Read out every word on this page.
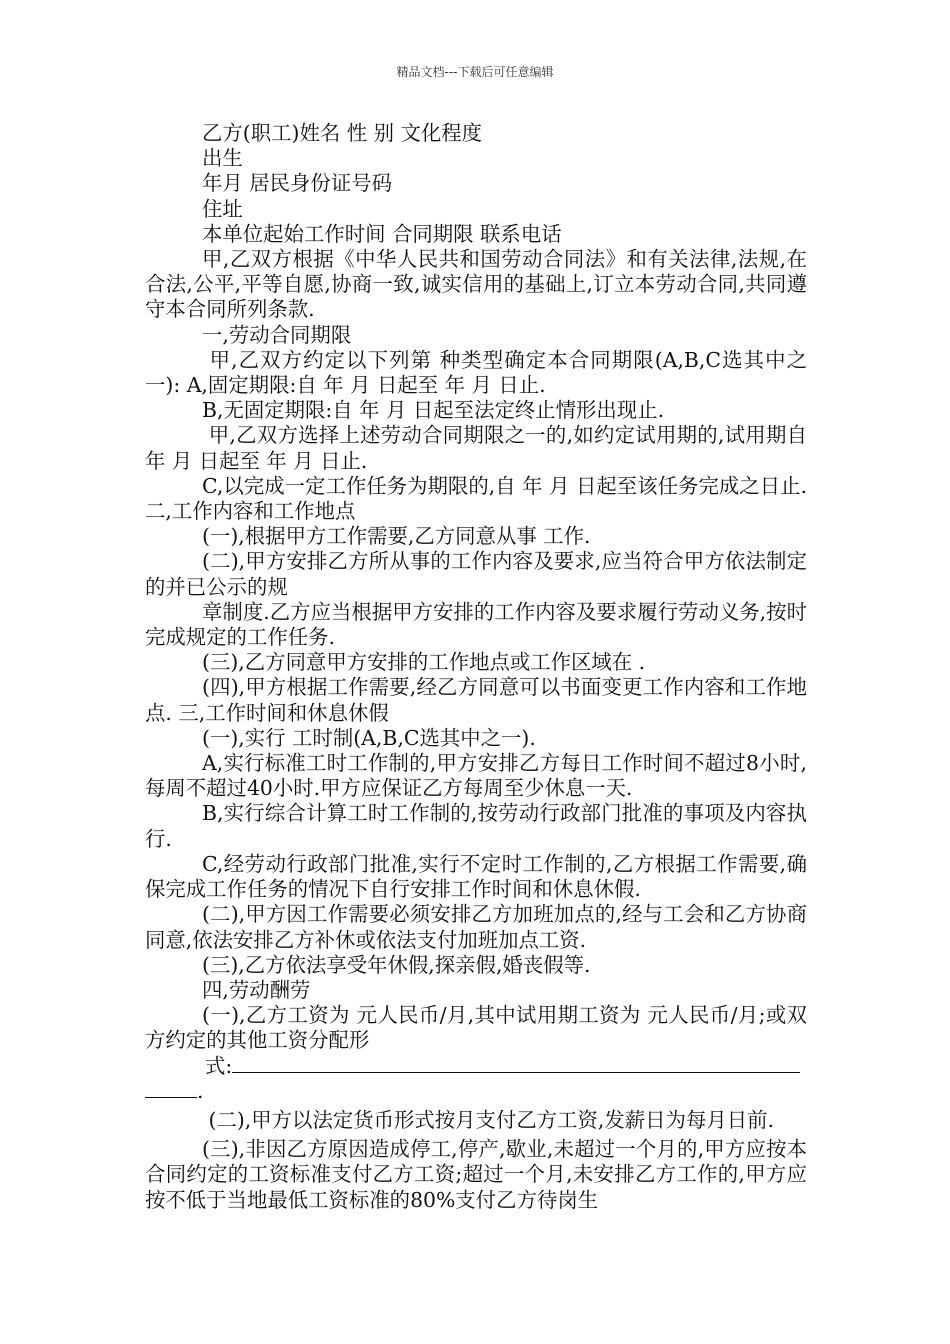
精品文档---下载后可任意编辑

乙方(职工)姓名 性 别 文化程度

出生

年月 居民身份证号码

住址

本单位起始工作时间 合同期限 联系电话

甲,乙双方根据《中华人民共和国劳动合同法》和有关法律,法规,在合法,公平,平等自愿,协商一致,诚实信用的基础上,订立本劳动合同,共同遵守本合同所列条款.

一,劳动合同期限

甲,乙双方约定以下列第 种类型确定本合同期限(A,B,C选其中之一): A,固定期限:自 年 月 日起至 年 月 日止.

B,无固定期限:自 年 月 日起至法定终止情形出现止.

甲,乙双方选择上述劳动合同期限之一的,如约定试用期的,试用期自 年 月 日起至 年 月 日止.

C,以完成一定工作任务为期限的,自 年 月 日起至该任务完成之日止. 二,工作内容和工作地点

(一),根据甲方工作需要,乙方同意从事 工作.

(二),甲方安排乙方所从事的工作内容及要求,应当符合甲方依法制定的并已公示的规

章制度.乙方应当根据甲方安排的工作内容及要求履行劳动义务,按时完成规定的工作任务.

(三),乙方同意甲方安排的工作地点或工作区域在 .

(四),甲方根据工作需要,经乙方同意可以书面变更工作内容和工作地点. 三,工作时间和休息休假

(一),实行 工时制(A,B,C选其中之一).

A,实行标准工时工作制的,甲方安排乙方每日工作时间不超过8小时,每周不超过40小时.甲方应保证乙方每周至少休息一天.

B,实行综合计算工时工作制的,按劳动行政部门批准的事项及内容执行.

C,经劳动行政部门批准,实行不定时工作制的,乙方根据工作需要,确保完成工作任务的情况下自行安排工作时间和休息休假.

(二),甲方因工作需要必须安排乙方加班加点的,经与工会和乙方协商同意,依法安排乙方补休或依法支付加班加点工资.

(三),乙方依法享受年休假,探亲假,婚丧假等.

四,劳动酬劳

(一),乙方工资为 元人民币/月,其中试用期工资为 元人民币/月;或双方约定的其他工资分配形

式:

.

(二),甲方以法定货币形式按月支付乙方工资,发薪日为每月日前.

(三),非因乙方原因造成停工,停产,歇业,未超过一个月的,甲方应按本合同约定的工资标准支付乙方工资;超过一个月,未安排乙方工作的,甲方应按不低于当地最低工资标准的80%支付乙方待岗生
